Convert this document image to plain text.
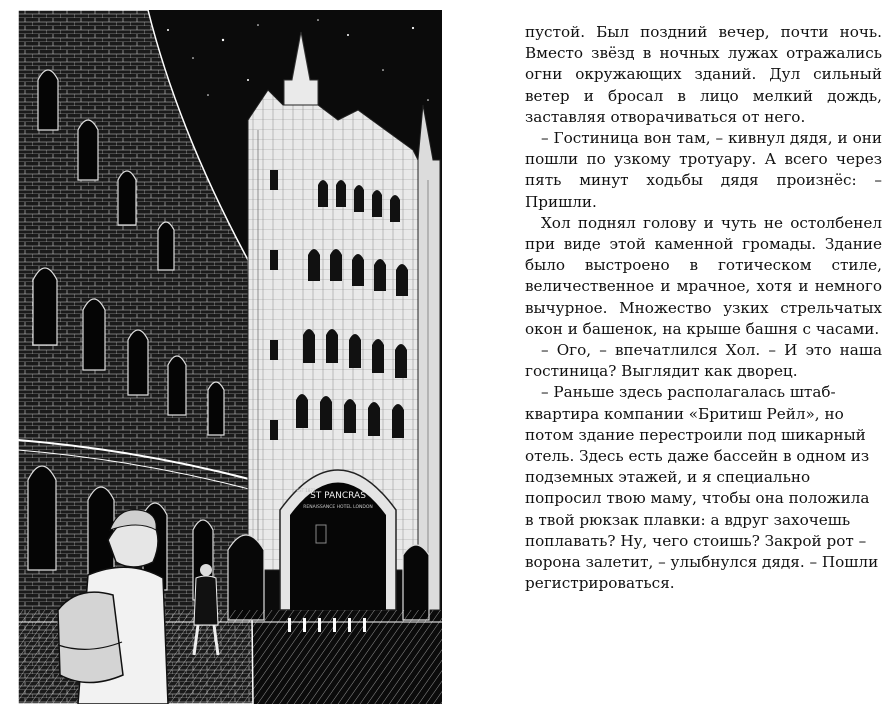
ST PANCRAS
RENAISSANCE HOTEL LONDON
EST 1873

пустой. Был поздний вечер, почти ночь. Вместо звёзд в ночных лужах отражались огни окружающих зданий. Дул сильный ветер и бросал в лицо мелкий дождь, заставляя отворачиваться от него.

– Гостиница вон там, – кивнул дядя, и они пошли по узкому тротуару. А всего через пять минут ходьбы дядя произнёс: – Пришли.

Хол поднял голову и чуть не остолбенел при виде этой каменной громады. Здание было выстроено в готическом стиле, величественное и мрачное, хотя и немного вычурное. Множество узких стрельчатых окон и башенок, на крыше башня с часами.

– Ого, – впечатлился Хол. – И это наша гостиница? Выглядит как дворец.

– Раньше здесь располагалась штаб-квартира компании «Бритиш Рейл», но потом здание перестроили под шикарный отель. Здесь есть даже бассейн в одном из подземных этажей, и я специально попросил твою маму, чтобы она положила в твой рюкзак плавки: а вдруг захочешь поплавать? Ну, чего стоишь? Закрой рот – ворона залетит, – улыбнулся дядя. – Пошли регистрироваться.
